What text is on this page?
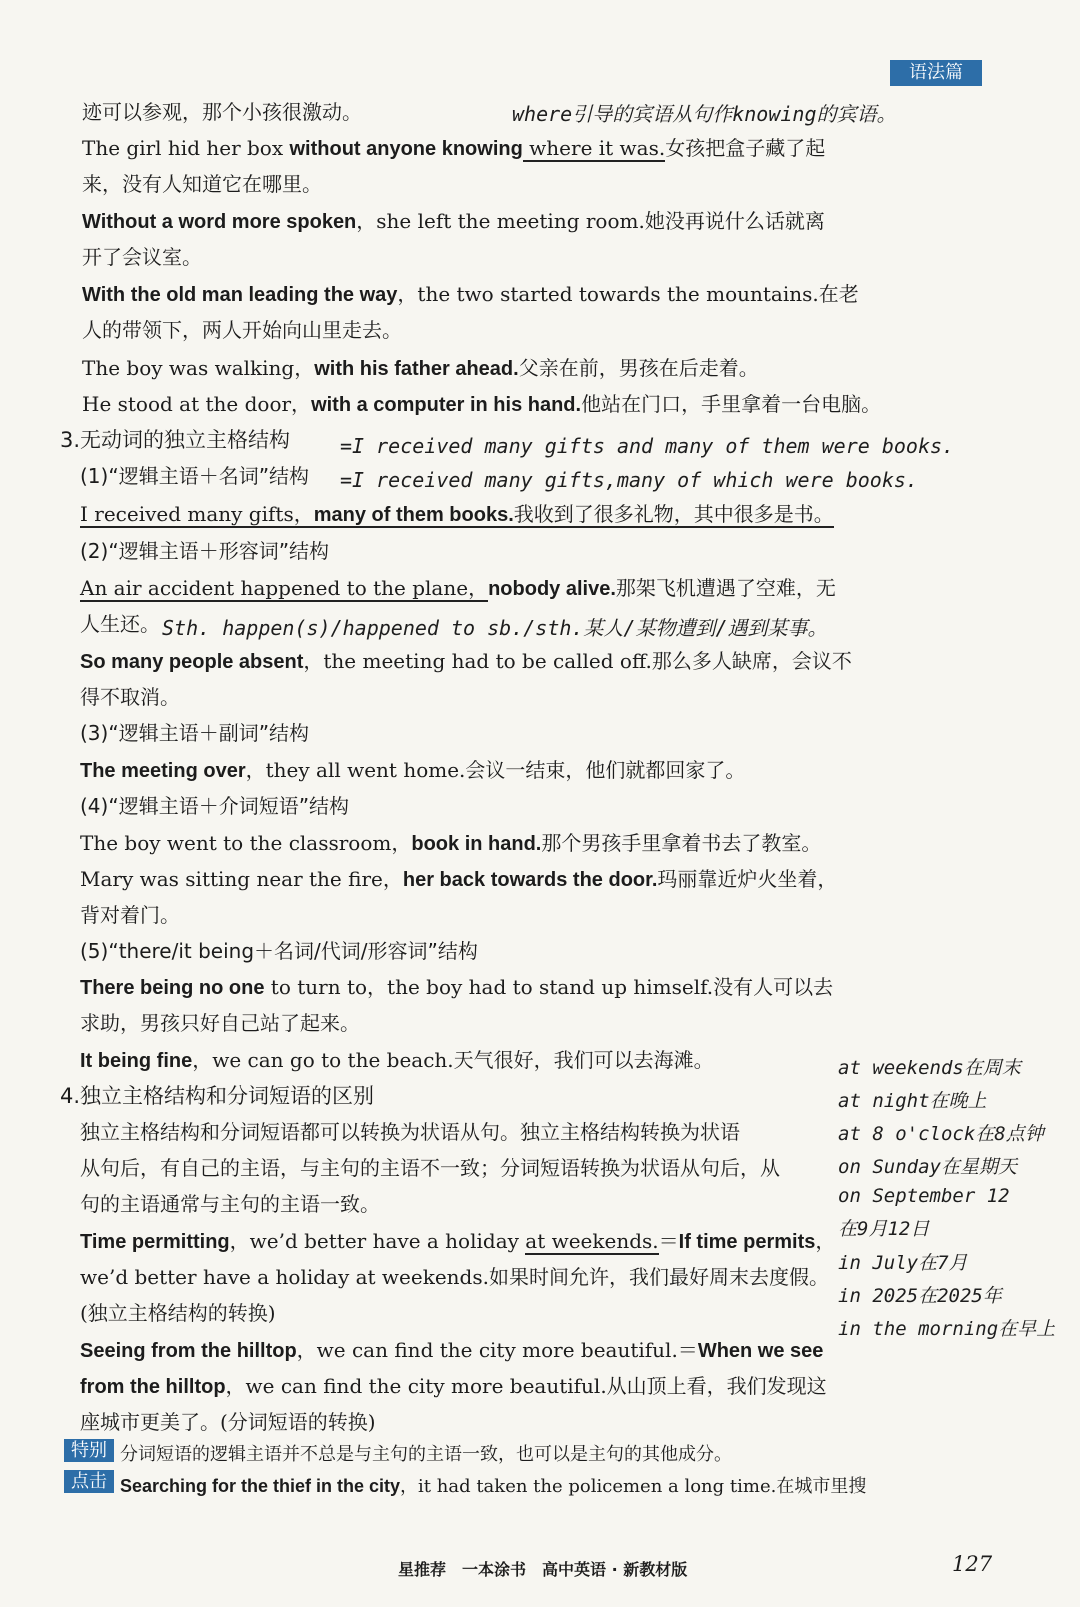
语法篇
where引导的宾语从句作knowing的宾语。
迹可以参观，那个小孩很激动。
The girl hid her box without anyone knowing where it was.女孩把盒子藏了起
来，没有人知道它在哪里。
Without a word more spoken，she left the meeting room.她没再说什么话就离
开了会议室。
With the old man leading the way，the two started towards the mountains.在老
人的带领下，两人开始向山里走去。
The boy was walking，with his father ahead.父亲在前，男孩在后走着。
He stood at the door，with a computer in his hand.他站在门口，手里拿着一台电脑。
3.无动词的独立主格结构 =I received many gifts and many of them were books.
(1)“逻辑主语＋名词”结构 =I received many gifts,many of which were books.
I received many gifts，many of them books.我收到了很多礼物，其中很多是书。
(2)“逻辑主语＋形容词”结构
An air accident happened to the plane，nobody alive.那架飞机遭遇了空难，无
人生还。 Sth. happen(s)/happened to sb./sth.某人/某物遭到/遇到某事。
So many people absent，the meeting had to be called off.那么多人缺席，会议不
得不取消。
(3)“逻辑主语＋副词”结构
The meeting over，they all went home.会议一结束，他们就都回家了。
(4)“逻辑主语＋介词短语”结构
The boy went to the classroom，book in hand.那个男孩手里拿着书去了教室。
Mary was sitting near the fire，her back towards the door.玛丽靠近炉火坐着，
背对着门。
(5)“there/it being＋名词/代词/形容词”结构
There being no one to turn to，the boy had to stand up himself.没有人可以去
求助，男孩只好自己站了起来。
It being fine，we can go to the beach.天气很好，我们可以去海滩。
4.独立主格结构和分词短语的区别
独立主格结构和分词短语都可以转换为状语从句。独立主格结构转换为状语
从句后，有自己的主语，与主句的主语不一致；分词短语转换为状语从句后，从
句的主语通常与主句的主语一致。
Time permitting，we’d better have a holiday at weekends.＝If time permits，
we’d better have a holiday at weekends.如果时间允许，我们最好周末去度假。
(独立主格结构的转换)
Seeing from the hilltop，we can find the city more beautiful.＝When we see
from the hilltop，we can find the city more beautiful.从山顶上看，我们发现这
座城市更美了。(分词短语的转换)
特别
点击
分词短语的逻辑主语并不总是与主句的主语一致，也可以是主句的其他成分。
Searching for the thief in the city，it had taken the policemen a long time.在城市里搜
at weekends在周末
at night在晚上
at 8 o'clock在8点钟
on Sunday在星期天
on September 12
在9月12日
in July在7月
in 2025在2025年
in the morning在早上
星推荐　一本涂书　高中英语 · 新教材版	127
